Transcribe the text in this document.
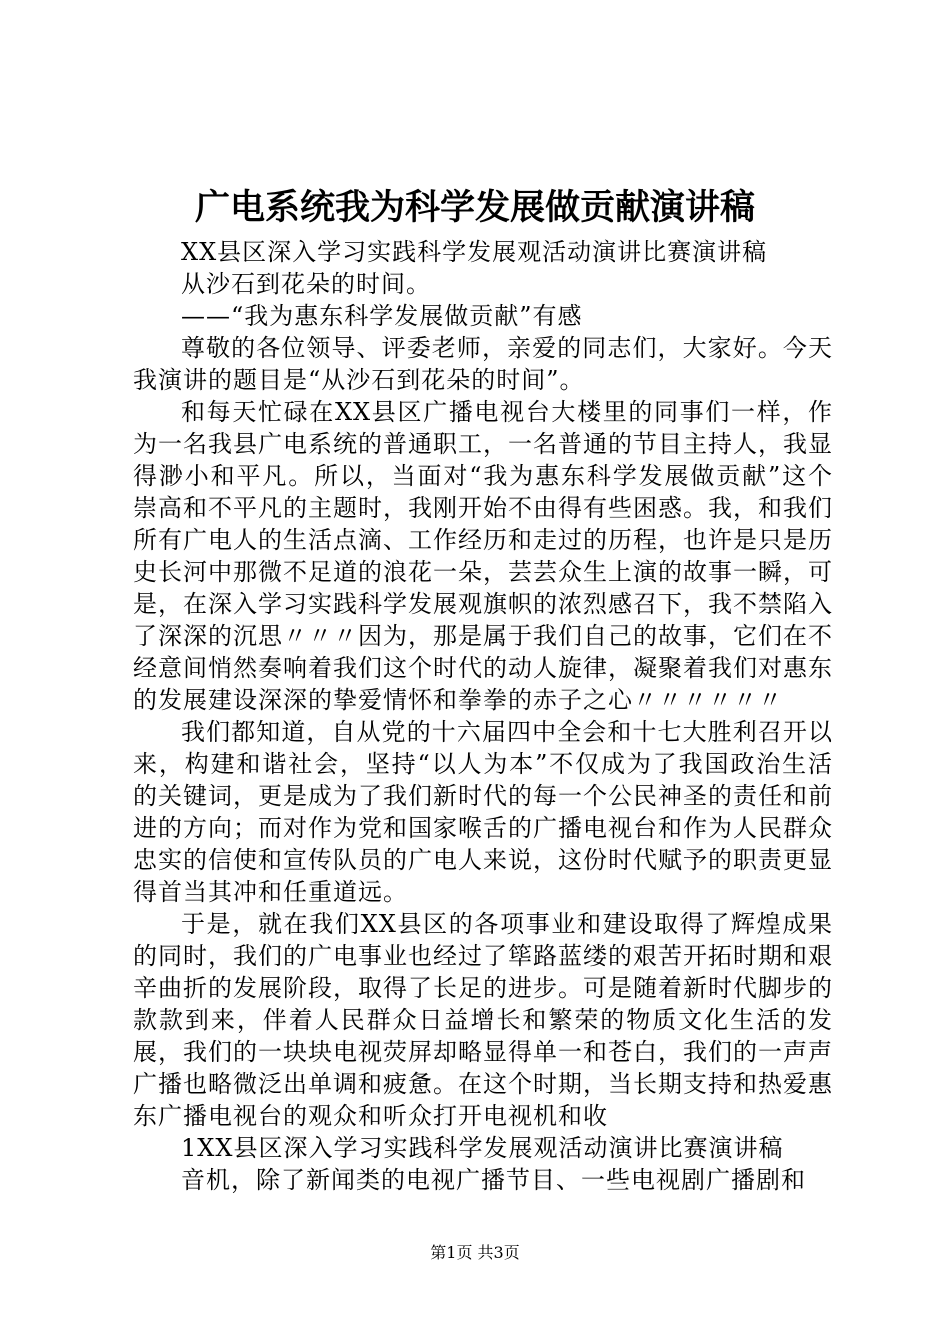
广电系统我为科学发展做贡献演讲稿

XX县区深入学习实践科学发展观活动演讲比赛演讲稿

从沙石到花朵的时间。

——“我为惠东科学发展做贡献”有感

尊敬的各位领导、评委老师，亲爱的同志们，大家好。今天我演讲的题目是“从沙石到花朵的时间”。

和每天忙碌在XX县区广播电视台大楼里的同事们一样，作为一名我县广电系统的普通职工，一名普通的节目主持人，我显得渺小和平凡。所以，当面对“我为惠东科学发展做贡献”这个崇高和不平凡的主题时，我刚开始不由得有些困惑。我，和我们所有广电人的生活点滴、工作经历和走过的历程，也许是只是历史长河中那微不足道的浪花一朵，芸芸众生上演的故事一瞬，可是，在深入学习实践科学发展观旗帜的浓烈感召下，我不禁陷入了深深的沉思〃〃〃因为，那是属于我们自己的故事，它们在不经意间悄然奏响着我们这个时代的动人旋律，凝聚着我们对惠东的发展建设深深的挚爱情怀和拳拳的赤子之心〃〃〃〃〃〃

我们都知道，自从党的十六届四中全会和十七大胜利召开以来，构建和谐社会，坚持“以人为本”不仅成为了我国政治生活的关键词，更是成为了我们新时代的每一个公民神圣的责任和前进的方向；而对作为党和国家喉舌的广播电视台和作为人民群众忠实的信使和宣传队员的广电人来说，这份时代赋予的职责更显得首当其冲和任重道远。

于是，就在我们XX县区的各项事业和建设取得了辉煌成果的同时，我们的广电事业也经过了筚路蓝缕的艰苦开拓时期和艰辛曲折的发展阶段，取得了长足的进步。可是随着新时代脚步的款款到来，伴着人民群众日益增长和繁荣的物质文化生活的发展，我们的一块块电视荧屏却略显得单一和苍白，我们的一声声广播也略微泛出单调和疲惫。在这个时期，当长期支持和热爱惠东广播电视台的观众和听众打开电视机和收

1XX县区深入学习实践科学发展观活动演讲比赛演讲稿

音机，除了新闻类的电视广播节目、一些电视剧广播剧和

第1页 共3页
